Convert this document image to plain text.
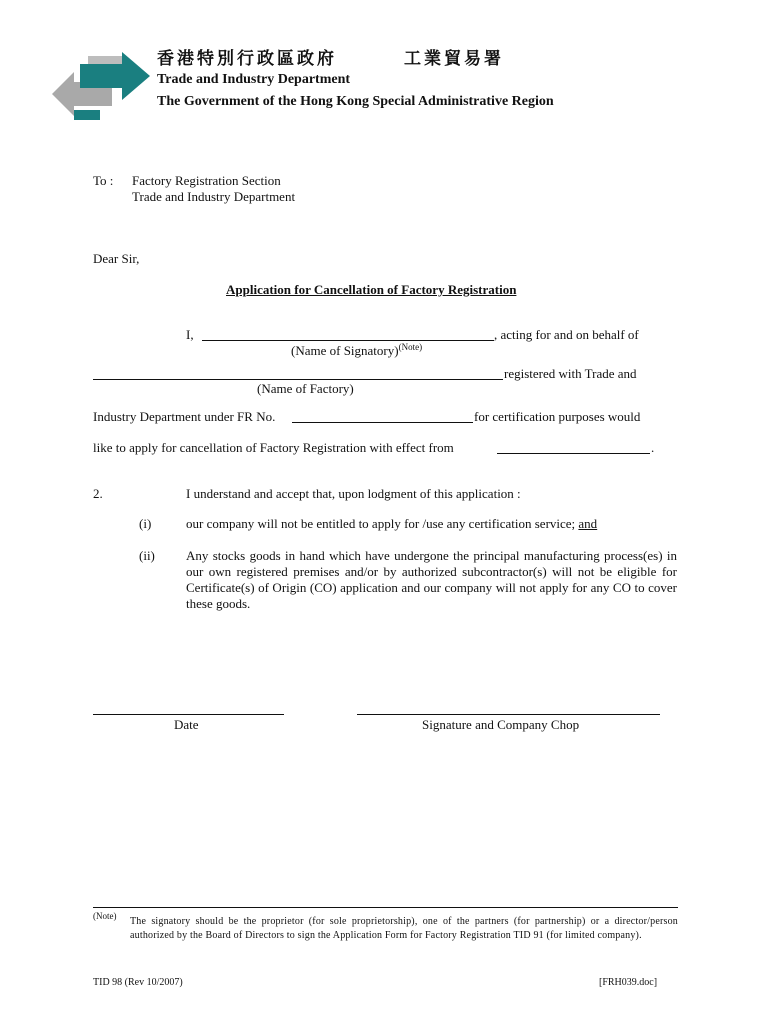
香港特別行政區政府	工業貿易署
Trade and Industry Department
The Government of the Hong Kong Special Administrative Region
To : Factory Registration Section
Trade and Industry Department
Dear Sir,
Application for Cancellation of Factory Registration
I,	, acting for and on behalf of
(Name of Signatory)$^{(Note)}$
registered with Trade and
(Name of Factory)
Industry Department under FR No.	for certification purposes would
like to apply for cancellation of Factory Registration with effect from	.
2.	I understand and accept that, upon lodgment of this application :
(i)	our company will not be entitled to apply for /use any certification service; and
(ii) Any stocks goods in hand which have undergone the principal manufacturing process(es) in our own registered premises and/or by authorized subcontractor(s) will not be eligible for Certificate(s) of Origin (CO) application and our company will not apply for any CO to cover these goods.
Date	Signature and Company Chop
(Note) The signatory should be the proprietor (for sole proprietorship), one of the partners (for partnership) or a director/person authorized by the Board of Directors to sign the Application Form for Factory Registration TID 91 (for limited company).
TID 98 (Rev 10/2007)	[FRH039.doc]
